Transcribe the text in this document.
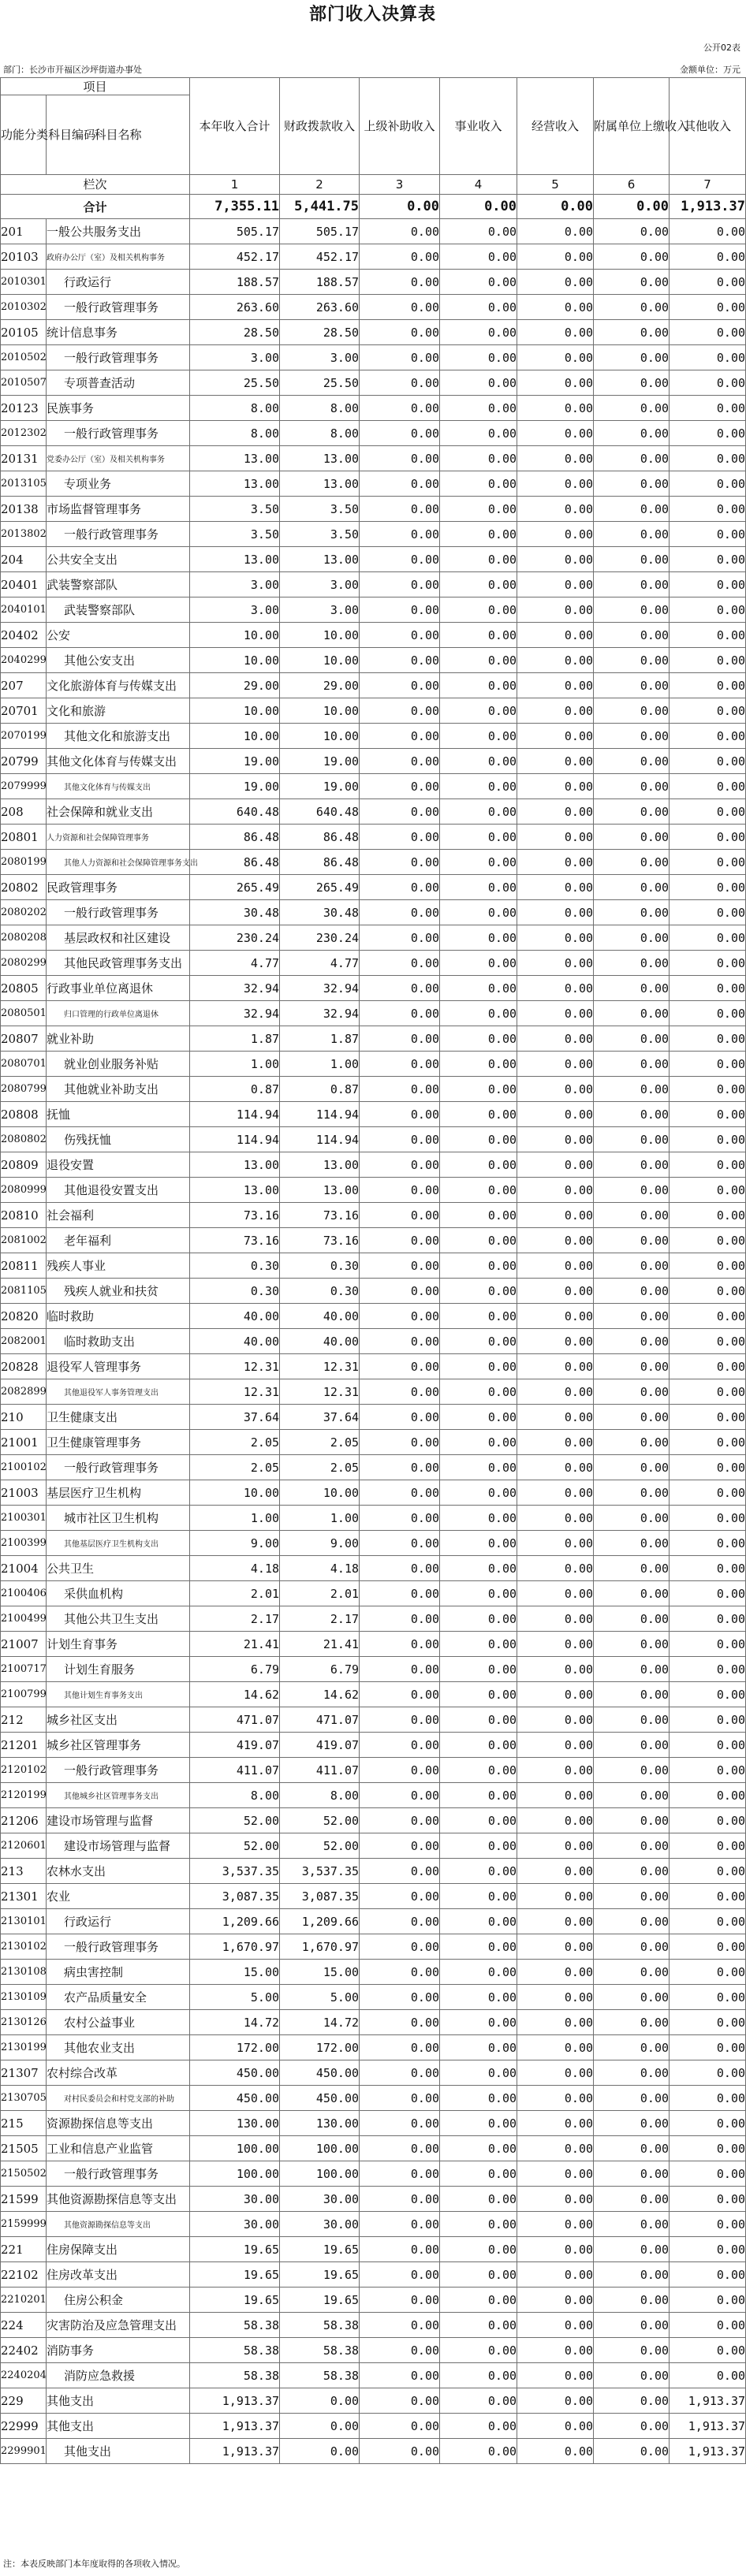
部门收入决算表
公开02表
部门：长沙市开福区沙坪街道办事处	金额单位：万元
项目		本年收入合计	财政拨款收入	上级补助收入	事业收入	经营收入	附属单位上缴收入	其他收入
功能分类科目编码	科目名称							
栏次		1	2	3	4	5	6	7
合计		7,355.11	5,441.75	0.00	0.00	0.00	0.00	1,913.37
201	一般公共服务支出	505.17	505.17	0.00	0.00	0.00	0.00	0.00
20103	政府办公厅（室）及相关机构事务	452.17	452.17	0.00	0.00	0.00	0.00	0.00
2010301	行政运行	188.57	188.57	0.00	0.00	0.00	0.00	0.00
2010302	一般行政管理事务	263.60	263.60	0.00	0.00	0.00	0.00	0.00
20105	统计信息事务	28.50	28.50	0.00	0.00	0.00	0.00	0.00
2010502	一般行政管理事务	3.00	3.00	0.00	0.00	0.00	0.00	0.00
2010507	专项普查活动	25.50	25.50	0.00	0.00	0.00	0.00	0.00
20123	民族事务	8.00	8.00	0.00	0.00	0.00	0.00	0.00
2012302	一般行政管理事务	8.00	8.00	0.00	0.00	0.00	0.00	0.00
20131	党委办公厅（室）及相关机构事务	13.00	13.00	0.00	0.00	0.00	0.00	0.00
2013105	专项业务	13.00	13.00	0.00	0.00	0.00	0.00	0.00
20138	市场监督管理事务	3.50	3.50	0.00	0.00	0.00	0.00	0.00
2013802	一般行政管理事务	3.50	3.50	0.00	0.00	0.00	0.00	0.00
204	公共安全支出	13.00	13.00	0.00	0.00	0.00	0.00	0.00
20401	武装警察部队	3.00	3.00	0.00	0.00	0.00	0.00	0.00
2040101	武装警察部队	3.00	3.00	0.00	0.00	0.00	0.00	0.00
20402	公安	10.00	10.00	0.00	0.00	0.00	0.00	0.00
2040299	其他公安支出	10.00	10.00	0.00	0.00	0.00	0.00	0.00
207	文化旅游体育与传媒支出	29.00	29.00	0.00	0.00	0.00	0.00	0.00
20701	文化和旅游	10.00	10.00	0.00	0.00	0.00	0.00	0.00
2070199	其他文化和旅游支出	10.00	10.00	0.00	0.00	0.00	0.00	0.00
20799	其他文化体育与传媒支出	19.00	19.00	0.00	0.00	0.00	0.00	0.00
2079999	其他文化体育与传媒支出	19.00	19.00	0.00	0.00	0.00	0.00	0.00
208	社会保障和就业支出	640.48	640.48	0.00	0.00	0.00	0.00	0.00
20801	人力资源和社会保障管理事务	86.48	86.48	0.00	0.00	0.00	0.00	0.00
2080199	其他人力资源和社会保障管理事务支出	86.48	86.48	0.00	0.00	0.00	0.00	0.00
20802	民政管理事务	265.49	265.49	0.00	0.00	0.00	0.00	0.00
2080202	一般行政管理事务	30.48	30.48	0.00	0.00	0.00	0.00	0.00
2080208	基层政权和社区建设	230.24	230.24	0.00	0.00	0.00	0.00	0.00
2080299	其他民政管理事务支出	4.77	4.77	0.00	0.00	0.00	0.00	0.00
20805	行政事业单位离退休	32.94	32.94	0.00	0.00	0.00	0.00	0.00
2080501	归口管理的行政单位离退休	32.94	32.94	0.00	0.00	0.00	0.00	0.00
20807	就业补助	1.87	1.87	0.00	0.00	0.00	0.00	0.00
2080701	就业创业服务补贴	1.00	1.00	0.00	0.00	0.00	0.00	0.00
2080799	其他就业补助支出	0.87	0.87	0.00	0.00	0.00	0.00	0.00
20808	抚恤	114.94	114.94	0.00	0.00	0.00	0.00	0.00
2080802	伤残抚恤	114.94	114.94	0.00	0.00	0.00	0.00	0.00
20809	退役安置	13.00	13.00	0.00	0.00	0.00	0.00	0.00
2080999	其他退役安置支出	13.00	13.00	0.00	0.00	0.00	0.00	0.00
20810	社会福利	73.16	73.16	0.00	0.00	0.00	0.00	0.00
2081002	老年福利	73.16	73.16	0.00	0.00	0.00	0.00	0.00
20811	残疾人事业	0.30	0.30	0.00	0.00	0.00	0.00	0.00
2081105	残疾人就业和扶贫	0.30	0.30	0.00	0.00	0.00	0.00	0.00
20820	临时救助	40.00	40.00	0.00	0.00	0.00	0.00	0.00
2082001	临时救助支出	40.00	40.00	0.00	0.00	0.00	0.00	0.00
20828	退役军人管理事务	12.31	12.31	0.00	0.00	0.00	0.00	0.00
2082899	其他退役军人事务管理支出	12.31	12.31	0.00	0.00	0.00	0.00	0.00
210	卫生健康支出	37.64	37.64	0.00	0.00	0.00	0.00	0.00
21001	卫生健康管理事务	2.05	2.05	0.00	0.00	0.00	0.00	0.00
2100102	一般行政管理事务	2.05	2.05	0.00	0.00	0.00	0.00	0.00
21003	基层医疗卫生机构	10.00	10.00	0.00	0.00	0.00	0.00	0.00
2100301	城市社区卫生机构	1.00	1.00	0.00	0.00	0.00	0.00	0.00
2100399	其他基层医疗卫生机构支出	9.00	9.00	0.00	0.00	0.00	0.00	0.00
21004	公共卫生	4.18	4.18	0.00	0.00	0.00	0.00	0.00
2100406	采供血机构	2.01	2.01	0.00	0.00	0.00	0.00	0.00
2100499	其他公共卫生支出	2.17	2.17	0.00	0.00	0.00	0.00	0.00
21007	计划生育事务	21.41	21.41	0.00	0.00	0.00	0.00	0.00
2100717	计划生育服务	6.79	6.79	0.00	0.00	0.00	0.00	0.00
2100799	其他计划生育事务支出	14.62	14.62	0.00	0.00	0.00	0.00	0.00
212	城乡社区支出	471.07	471.07	0.00	0.00	0.00	0.00	0.00
21201	城乡社区管理事务	419.07	419.07	0.00	0.00	0.00	0.00	0.00
2120102	一般行政管理事务	411.07	411.07	0.00	0.00	0.00	0.00	0.00
2120199	其他城乡社区管理事务支出	8.00	8.00	0.00	0.00	0.00	0.00	0.00
21206	建设市场管理与监督	52.00	52.00	0.00	0.00	0.00	0.00	0.00
2120601	建设市场管理与监督	52.00	52.00	0.00	0.00	0.00	0.00	0.00
213	农林水支出	3,537.35	3,537.35	0.00	0.00	0.00	0.00	0.00
21301	农业	3,087.35	3,087.35	0.00	0.00	0.00	0.00	0.00
2130101	行政运行	1,209.66	1,209.66	0.00	0.00	0.00	0.00	0.00
2130102	一般行政管理事务	1,670.97	1,670.97	0.00	0.00	0.00	0.00	0.00
2130108	病虫害控制	15.00	15.00	0.00	0.00	0.00	0.00	0.00
2130109	农产品质量安全	5.00	5.00	0.00	0.00	0.00	0.00	0.00
2130126	农村公益事业	14.72	14.72	0.00	0.00	0.00	0.00	0.00
2130199	其他农业支出	172.00	172.00	0.00	0.00	0.00	0.00	0.00
21307	农村综合改革	450.00	450.00	0.00	0.00	0.00	0.00	0.00
2130705	对村民委员会和村党支部的补助	450.00	450.00	0.00	0.00	0.00	0.00	0.00
215	资源勘探信息等支出	130.00	130.00	0.00	0.00	0.00	0.00	0.00
21505	工业和信息产业监管	100.00	100.00	0.00	0.00	0.00	0.00	0.00
2150502	一般行政管理事务	100.00	100.00	0.00	0.00	0.00	0.00	0.00
21599	其他资源勘探信息等支出	30.00	30.00	0.00	0.00	0.00	0.00	0.00
2159999	其他资源勘探信息等支出	30.00	30.00	0.00	0.00	0.00	0.00	0.00
221	住房保障支出	19.65	19.65	0.00	0.00	0.00	0.00	0.00
22102	住房改革支出	19.65	19.65	0.00	0.00	0.00	0.00	0.00
2210201	住房公积金	19.65	19.65	0.00	0.00	0.00	0.00	0.00
224	灾害防治及应急管理支出	58.38	58.38	0.00	0.00	0.00	0.00	0.00
22402	消防事务	58.38	58.38	0.00	0.00	0.00	0.00	0.00
2240204	消防应急救援	58.38	58.38	0.00	0.00	0.00	0.00	0.00
229	其他支出	1,913.37	0.00	0.00	0.00	0.00	0.00	1,913.37
22999	其他支出	1,913.37	0.00	0.00	0.00	0.00	0.00	1,913.37
2299901	其他支出	1,913.37	0.00	0.00	0.00	0.00	0.00	1,913.37
注：本表反映部门本年度取得的各项收入情况。
